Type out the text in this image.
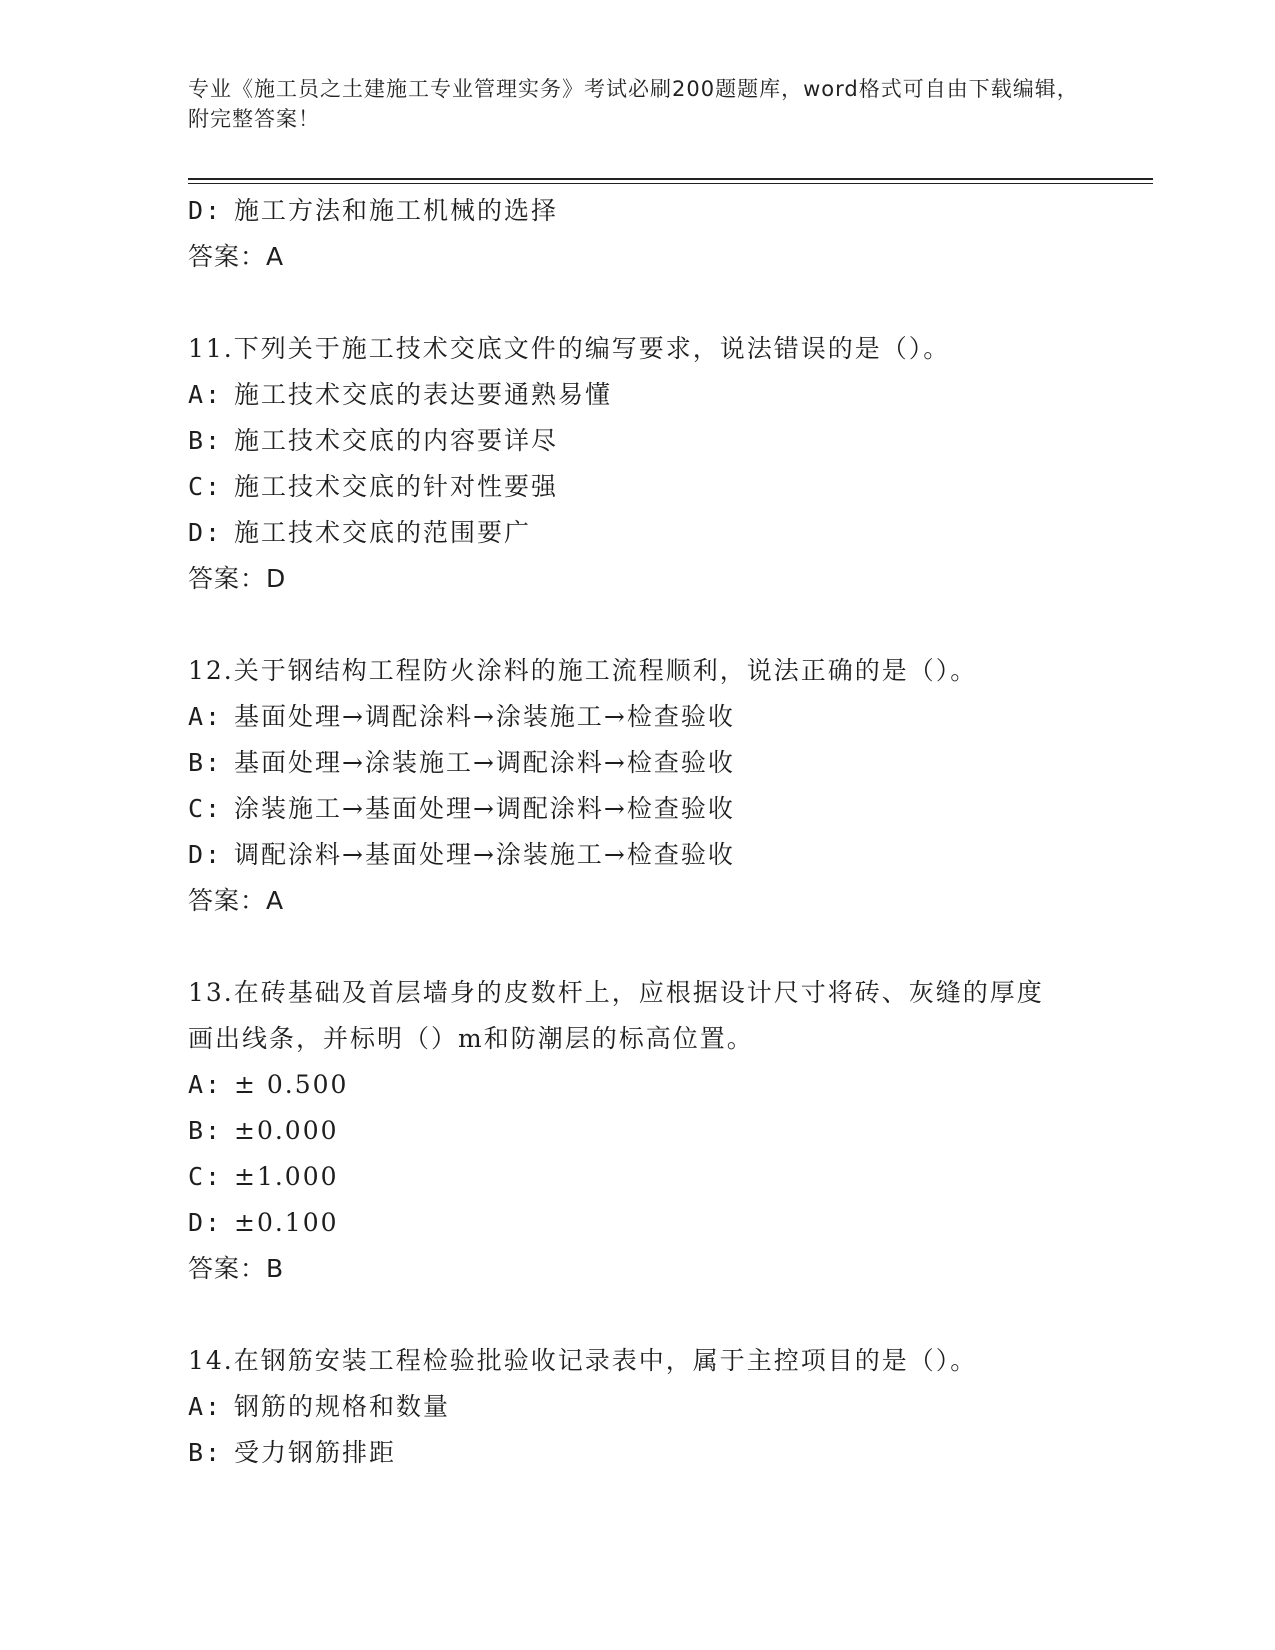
专业《施工员之土建施工专业管理实务》考试必刷200题题库，word格式可自由下载编辑，附完整答案！
D: 施工方法和施工机械的选择
答案：A
11.下列关于施工技术交底文件的编写要求，说法错误的是（）。
A: 施工技术交底的表达要通熟易懂
B: 施工技术交底的内容要详尽
C: 施工技术交底的针对性要强
D: 施工技术交底的范围要广
答案：D
12.关于钢结构工程防火涂料的施工流程顺利，说法正确的是（）。
A: 基面处理→调配涂料→涂装施工→检查验收
B: 基面处理→涂装施工→调配涂料→检查验收
C: 涂装施工→基面处理→调配涂料→检查验收
D: 调配涂料→基面处理→涂装施工→检查验收
答案：A
13.在砖基础及首层墙身的皮数杆上，应根据设计尺寸将砖、灰缝的厚度画出线条，并标明（）m和防潮层的标高位置。
A: ± 0.500
B: ±0.000
C: ±1.000
D: ±0.100
答案：B
14.在钢筋安装工程检验批验收记录表中，属于主控项目的是（）。
A: 钢筋的规格和数量
B: 受力钢筋排距
